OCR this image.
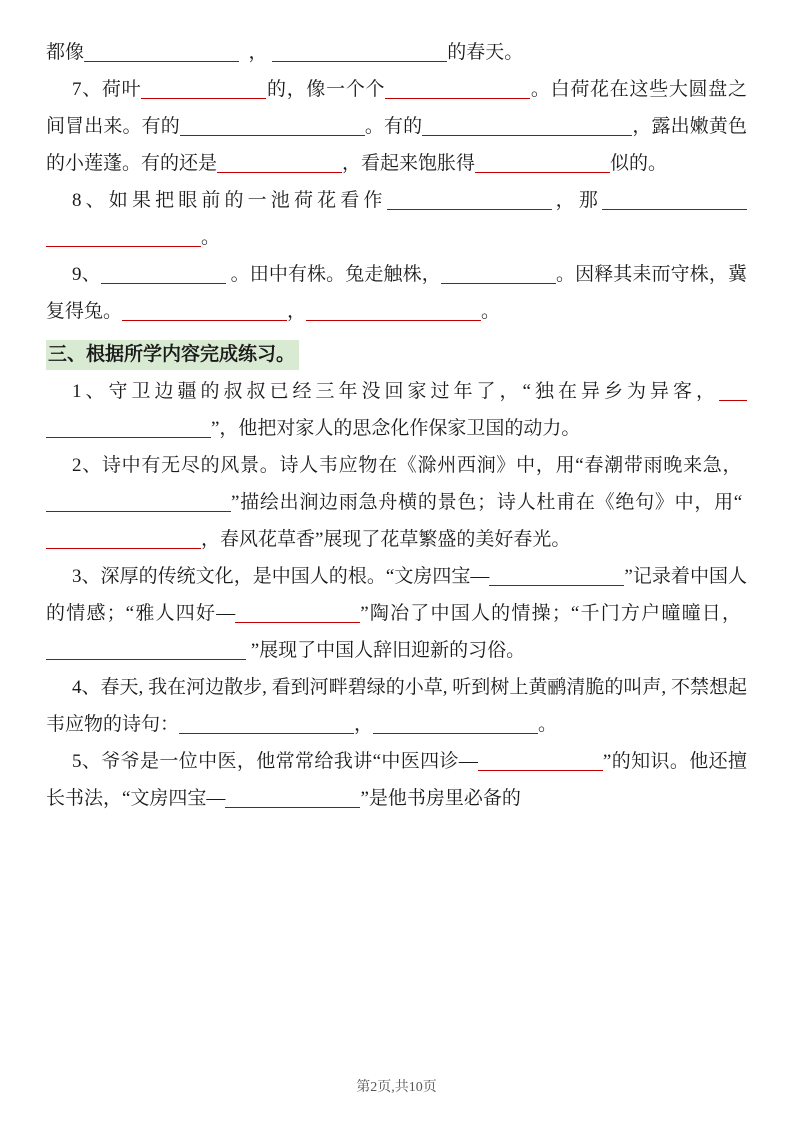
都像	，	的春天。

7、荷叶	的，像一个个	。白荷花在这些大圆盘之间冒出来。有的	。有的	，露出嫩黄色的小莲蓬。有的还是	，看起来饱胀得	似的。

8、如果把眼前的一池荷花看作	，那。

9、	。田中有株。兔走触株，	。因释其耒而守株，冀复得兔。	，	。

三、根据所学内容完成练习。

1、守卫边疆的叔叔已经三年没回家过年了，“独在异乡为异客，”，他把对家人的思念化作保家卫国的动力。

2、诗中有无尽的风景。诗人韦应物在《滁州西涧》中，用“春潮带雨晚来急， ”描绘出涧边雨急舟横的景色；诗人杜甫在《绝句》中，用“ ，春风花草香”展现了花草繁盛的美好春光。

3、深厚的传统文化，是中国人的根。“文房四宝—	”记录着中国人的情感；“雅人四好—	”陶冶了中国人的情操；“千门方户曈曈日，  ”展现了中国人辞旧迎新的习俗。

4、春天, 我在河边散步, 看到河畔碧绿的小草, 听到树上黄鹂清脆的叫声, 不禁想起韦应物的诗句：	，	。

5、爷爷是一位中医，他常常给我讲“中医四诊—	”的知识。他还擅长书法，“文房四宝—	”是他书房里必备的

第2页,共10页
